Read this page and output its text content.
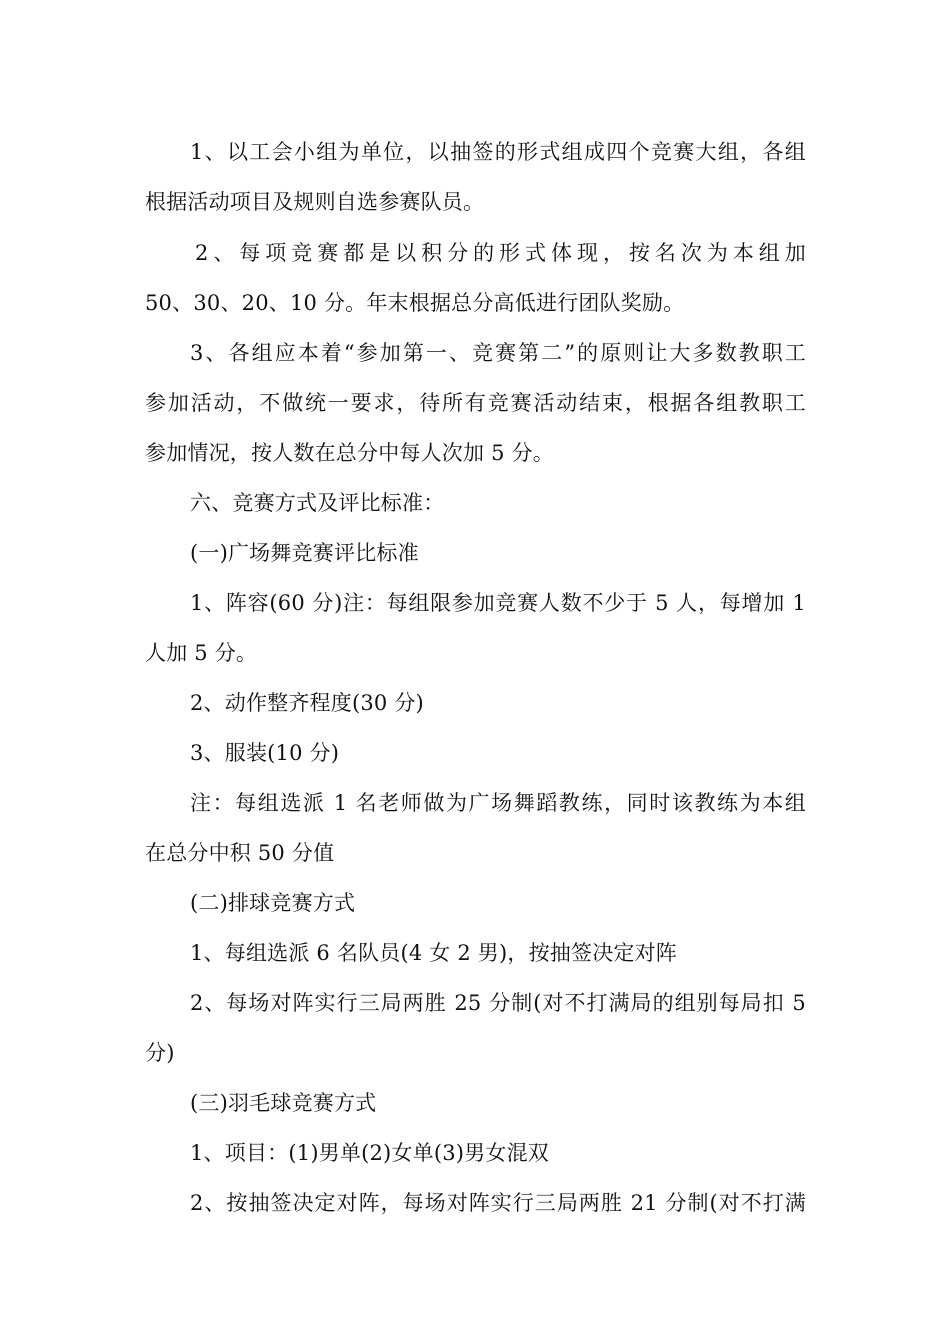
1、以工会小组为单位，以抽签的形式组成四个竞赛大组，各组
根据活动项目及规则自选参赛队员。
2、每项竞赛都是以积分的形式体现，按名次为本组加
50、30、20、10 分。年末根据总分高低进行团队奖励。
3、各组应本着“参加第一、竞赛第二”的原则让大多数教职工
参加活动，不做统一要求，待所有竞赛活动结束，根据各组教职工
参加情况，按人数在总分中每人次加 5 分。
六、竞赛方式及评比标准：
(一)广场舞竞赛评比标准
1、阵容(60 分)注：每组限参加竞赛人数不少于 5 人，每增加 1
人加 5 分。
2、动作整齐程度(30 分)
3、服装(10 分)
注：每组选派 1 名老师做为广场舞蹈教练，同时该教练为本组
在总分中积 50 分值
(二)排球竞赛方式
1、每组选派 6 名队员(4 女 2 男)，按抽签决定对阵
2、每场对阵实行三局两胜 25 分制(对不打满局的组别每局扣 5
分)
(三)羽毛球竞赛方式
1、项目：(1)男单(2)女单(3)男女混双
2、按抽签决定对阵，每场对阵实行三局两胜 21 分制(对不打满
